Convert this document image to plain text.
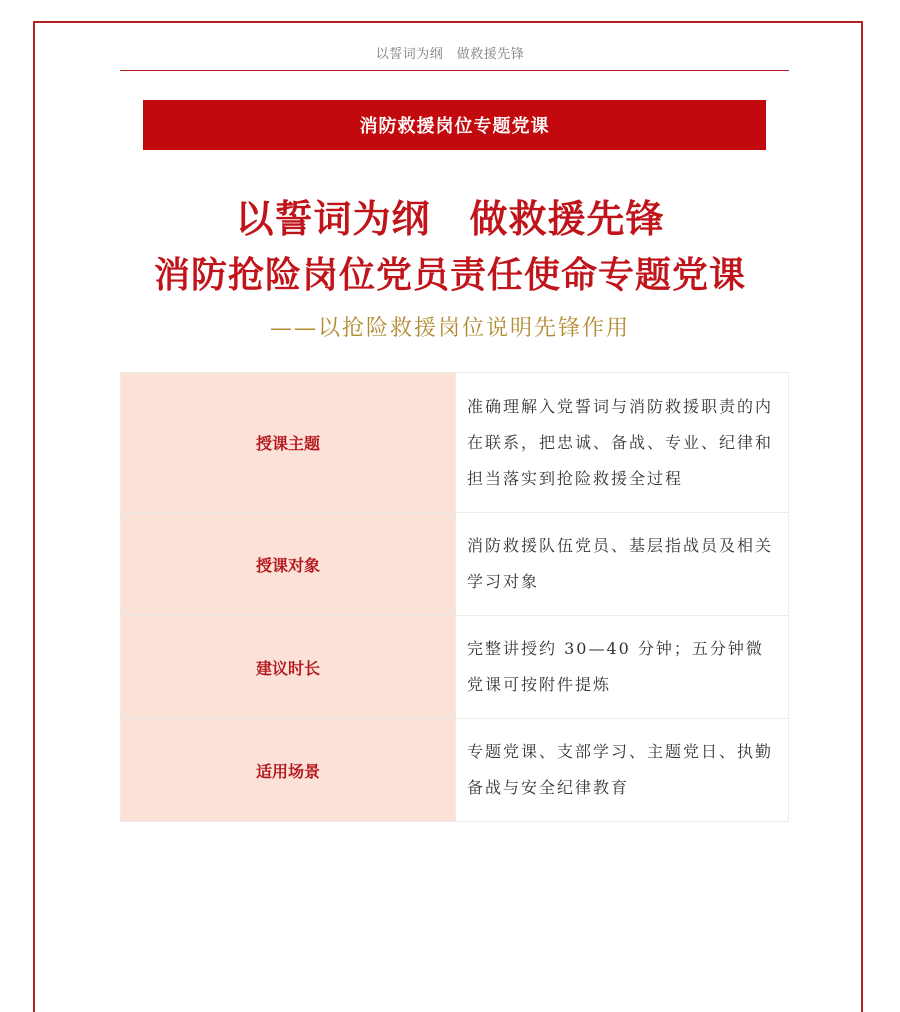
以誓词为纲　做救援先锋
消防救援岗位专题党课
以誓词为纲　做救援先锋
消防抢险岗位党员责任使命专题党课
——以抢险救援岗位说明先锋作用
授课主题	准确理解入党誓词与消防救援职责的内在联系，把忠诚、备战、专业、纪律和担当落实到抢险救援全过程
授课对象	消防救援队伍党员、基层指战员及相关学习对象
建议时长	完整讲授约 30—40 分钟；五分钟微党课可按附件提炼
适用场景	专题党课、支部学习、主题党日、执勤备战与安全纪律教育
